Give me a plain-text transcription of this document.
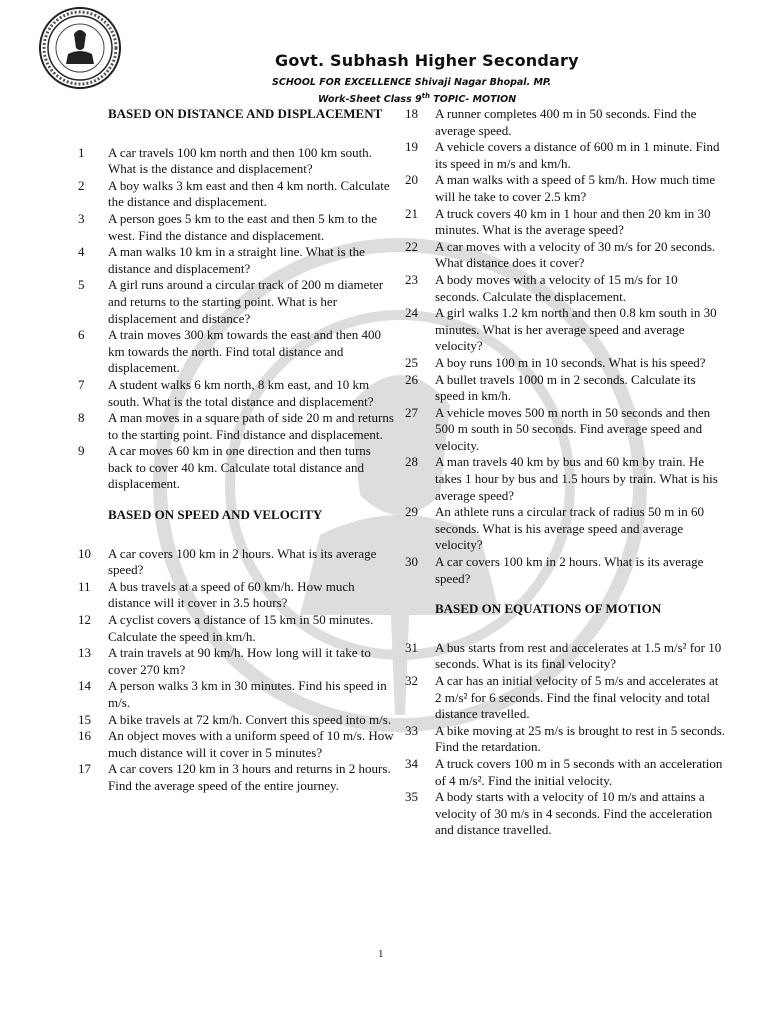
Govt. Subhash Higher Secondary
SCHOOL FOR EXCELLENCE Shivaji Nagar Bhopal. MP.
Work-Sheet Class 9th TOPIC- MOTION
BASED ON DISTANCE AND DISPLACEMENT
1	A car travels 100 km north and then 100 km south. What is the distance and displacement?
2	A boy walks 3 km east and then 4 km north. Calculate the distance and displacement.
3	A person goes 5 km to the east and then 5 km to the west. Find the distance and displacement.
4	A man walks 10 km in a straight line. What is the distance and displacement?
5	A girl runs around a circular track of 200 m diameter and returns to the starting point. What is her displacement and distance?
6	A train moves 300 km towards the east and then 400 km towards the north. Find total distance and displacement.
7	A student walks 6 km north, 8 km east, and 10 km south. What is the total distance and displacement?
8	A man moves in a square path of side 20 m and returns to the starting point. Find distance and displacement.
9	A car moves 60 km in one direction and then turns back to cover 40 km. Calculate total distance and displacement.
BASED ON SPEED AND VELOCITY
10	A car covers 100 km in 2 hours. What is its average speed?
11	A bus travels at a speed of 60 km/h. How much distance will it cover in 3.5 hours?
12	A cyclist covers a distance of 15 km in 50 minutes. Calculate the speed in km/h.
13	A train travels at 90 km/h. How long will it take to cover 270 km?
14	A person walks 3 km in 30 minutes. Find his speed in m/s.
15	A bike travels at 72 km/h. Convert this speed into m/s.
16	An object moves with a uniform speed of 10 m/s. How much distance will it cover in 5 minutes?
17	A car covers 120 km in 3 hours and returns in 2 hours. Find the average speed of the entire journey.
18	A runner completes 400 m in 50 seconds. Find the average speed.
19	A vehicle covers a distance of 600 m in 1 minute. Find its speed in m/s and km/h.
20	A man walks with a speed of 5 km/h. How much time will he take to cover 2.5 km?
21	A truck covers 40 km in 1 hour and then 20 km in 30 minutes. What is the average speed?
22	A car moves with a velocity of 30 m/s for 20 seconds. What distance does it cover?
23	A body moves with a velocity of 15 m/s for 10 seconds. Calculate the displacement.
24	A girl walks 1.2 km north and then 0.8 km south in 30 minutes. What is her average speed and average velocity?
25	A boy runs 100 m in 10 seconds. What is his speed?
26	A bullet travels 1000 m in 2 seconds. Calculate its speed in km/h.
27	A vehicle moves 500 m north in 50 seconds and then 500 m south in 50 seconds. Find average speed and velocity.
28	A man travels 40 km by bus and 60 km by train. He takes 1 hour by bus and 1.5 hours by train. What is his average speed?
29	An athlete runs a circular track of radius 50 m in 60 seconds. What is his average speed and average velocity?
30	A car covers 100 km in 2 hours. What is its average speed?
BASED ON EQUATIONS OF MOTION
31	A bus starts from rest and accelerates at 1.5 m/s² for 10 seconds. What is its final velocity?
32	A car has an initial velocity of 5 m/s and accelerates at 2 m/s² for 6 seconds. Find the final velocity and total distance travelled.
33	A bike moving at 25 m/s is brought to rest in 5 seconds. Find the retardation.
34	A truck covers 100 m in 5 seconds with an acceleration of 4 m/s². Find the initial velocity.
35	A body starts with a velocity of 10 m/s and attains a velocity of 30 m/s in 4 seconds. Find the acceleration and distance travelled.
1
